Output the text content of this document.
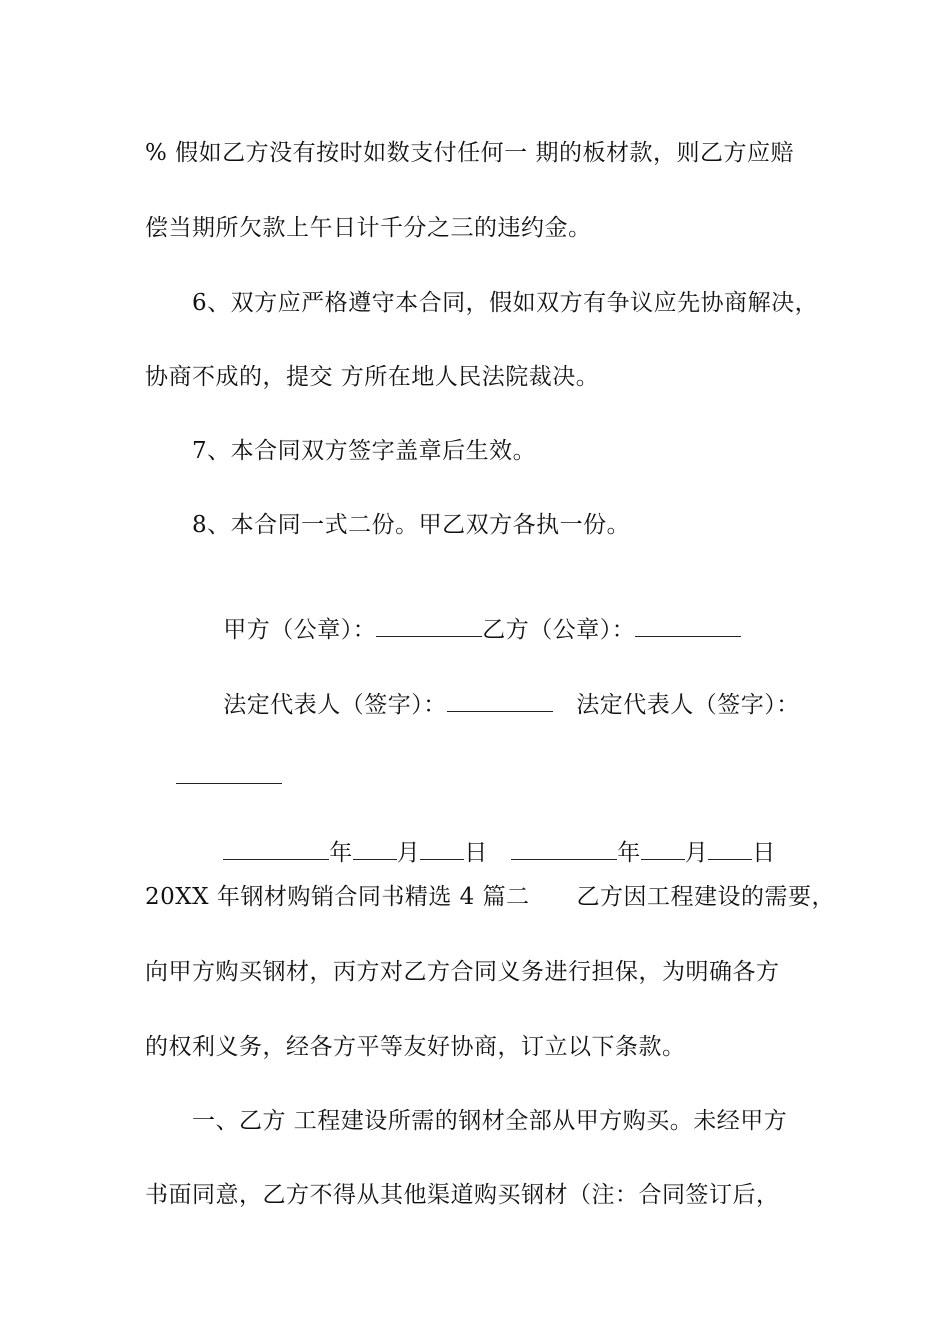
% 假如乙方没有按时如数支付任何一 期的板材款，则乙方应赔
偿当期所欠款上午日计千分之三的违约金。
6、双方应严格遵守本合同，假如双方有争议应先协商解决，
协商不成的，提交 方所在地人民法院裁决。
7、本合同双方签字盖章后生效。
8、本合同一式二份。甲乙双方各执一份。

甲方（公章）：	乙方（公章）：

法定代表人（签字）：	法定代表人（签字）：

年 月 日	年 月 日

20XX 年钢材购销合同书精选 4 篇二      乙方因工程建设的需要，
向甲方购买钢材，丙方对乙方合同义务进行担保，为明确各方
的权利义务，经各方平等友好协商，订立以下条款。
一、乙方 工程建设所需的钢材全部从甲方购买。未经甲方
书面同意，乙方不得从其他渠道购买钢材（注：合同签订后，
